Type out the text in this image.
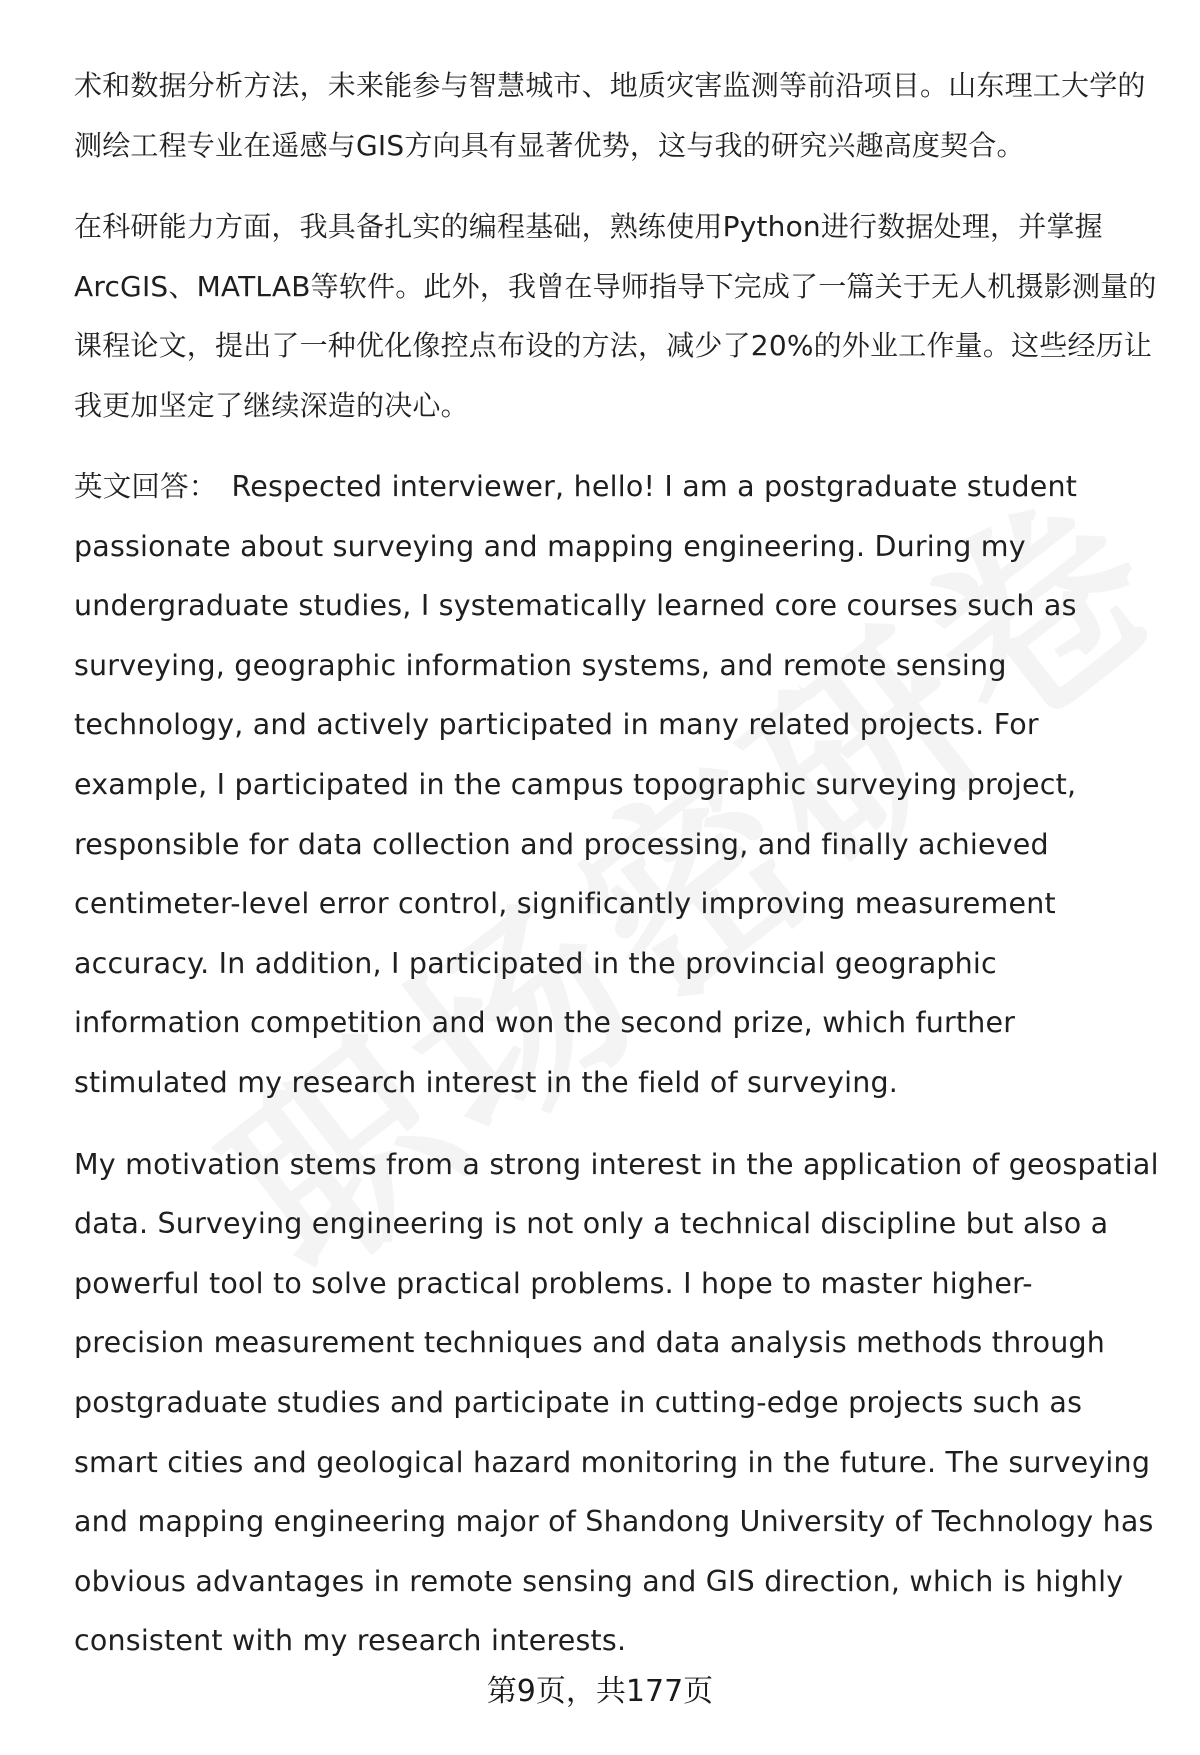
术和数据分析方法，未来能参与智慧城市、地质灾害监测等前沿项目。山东理工大学的测绘工程专业在遥感与GIS方向具有显著优势，这与我的研究兴趣高度契合。

在科研能力方面，我具备扎实的编程基础，熟练使用Python进行数据处理，并掌握ArcGIS、MATLAB等软件。此外，我曾在导师指导下完成了一篇关于无人机摄影测量的课程论文，提出了一种优化像控点布设的方法，减少了20%的外业工作量。这些经历让我更加坚定了继续深造的决心。

英文回答： Respected interviewer, hello! I am a postgraduate student passionate about surveying and mapping engineering. During my undergraduate studies, I systematically learned core courses such as surveying, geographic information systems, and remote sensing technology, and actively participated in many related projects. For example, I participated in the campus topographic surveying project, responsible for data collection and processing, and finally achieved centimeter-level error control, significantly improving measurement accuracy. In addition, I participated in the provincial geographic information competition and won the second prize, which further stimulated my research interest in the field of surveying.

My motivation stems from a strong interest in the application of geospatial data. Surveying engineering is not only a technical discipline but also a powerful tool to solve practical problems. I hope to master higher-precision measurement techniques and data analysis methods through postgraduate studies and participate in cutting-edge projects such as smart cities and geological hazard monitoring in the future. The surveying and mapping engineering major of Shandong University of Technology has obvious advantages in remote sensing and GIS direction, which is highly consistent with my research interests.

第9页，共177页
